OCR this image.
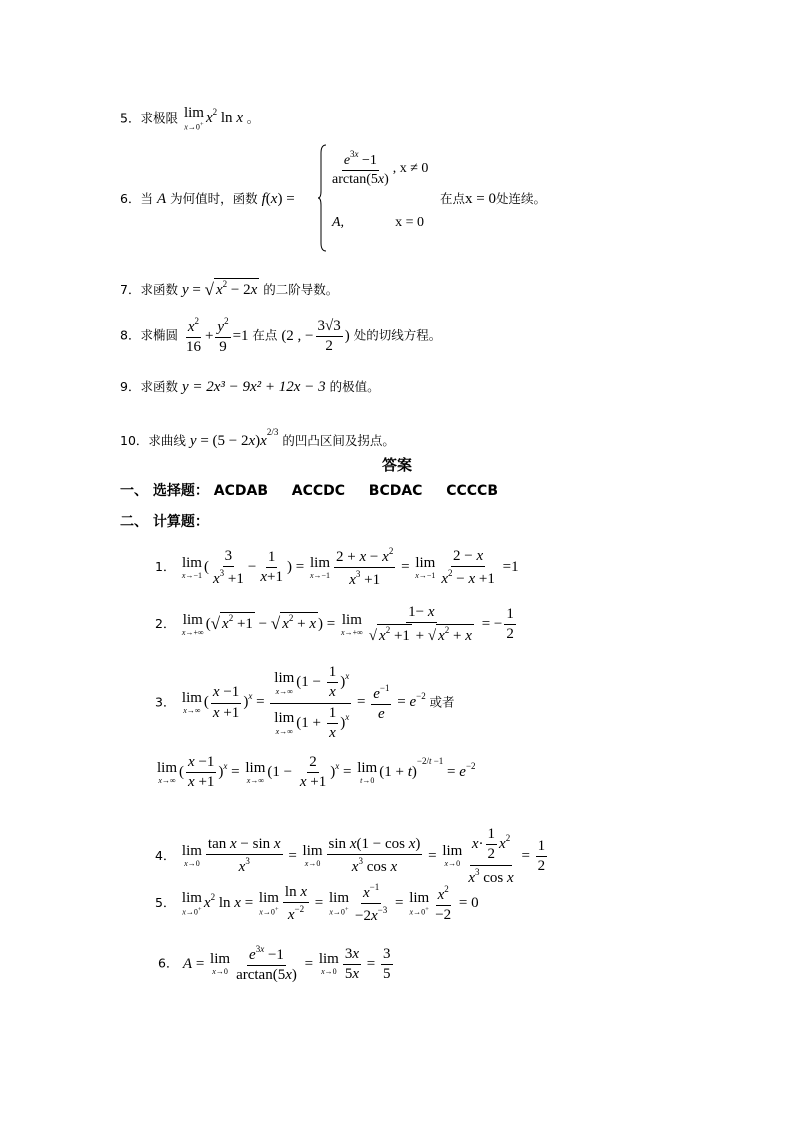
5．求极限 lim
x→0+ $x^2$ ln x 。
6．当 A 为何值时，函数 f(x) =
$\frac{e^{3x} -1}{\arctan(5x)}$ , x ≠ 0
A,	x = 0
在点x = 0处连续。
7．求函数 y = √ $x^2 - 2x$ 的二阶导数。
8．求椭圆 $\frac{x^2}{16} + \frac{y^2}{9} =1$ 在点 (2 , − $\frac{3√3}{2}$ ) 处的切线方程。
9．求函数 y = 2x³ − 9x² + 12x − 3 的极值。
10．求曲线 $y = (5 - 2x)x^{2/3}$ 的凹凸区间及拐点。
答案
一、 选择题： ACDAB ACCDC BCDAC CCCCB
二、 计算题：
1． lim
x→−1
( $\frac{3}{x^3 +1} - \frac{1}{x+1}$ ) = lim
$x\to-1 \frac{2 + x - x^2}{x^3 +1} = \lim$
$x\to-1 \frac{2 - x}{x^2 - x +1} =1$
2． lim
x→+∞
(√ $x^2 +1$ − √ $x^2 + x$ ) = lim
$x\to+\infty \frac{1- x}{√ x^2 +1 + √ x^2 + x}$ = − $\frac{1}{2}$
3． lim
x→∞
( $\frac{x -1}{x +1} )^x = \lim$
x→∞
$(1 - \frac{1}{x} )^x$
lim
x→∞
$(1 + \frac{1}{x} )^x = \frac{e^{-1}}{e} = e^{-2}$ 或者
lim
x→∞
( $\frac{x -1}{x +1} )^x = \lim$
x→∞
$(1 - \frac{2}{x +1} )^x = \lim$
t→0
$(1 + t)^{-2/t -1} = e^{-2}$
4． lim
$x\to 0 \frac{\text{tan x − sin x}}{x^3} = \lim$
$x\to 0 \frac{\text{sin x(1 − cos x)}}{x^3 \cos x} = \lim$
$x\to 0 \frac{x\cdot \frac{1}{2} x^2}{x^3 \cos x} = \frac{1}{2}$
5． lim
x→0+ $x^2$ ln x = lim
$x\to 0^+ \frac{\text{ln x}}{x^{-2}} = \lim$
$x\to 0^+ \frac{x^{-1}}{-2x^{-3}} = \lim$
$x\to 0^+ \frac{x^2}{-2} = 0$
6． A = lim
$x\to 0 \frac{e^{3x} -1}{\arctan(5x)} = \lim$
$x\to 0 \frac{3x}{5x} = \frac{3}{5}$
